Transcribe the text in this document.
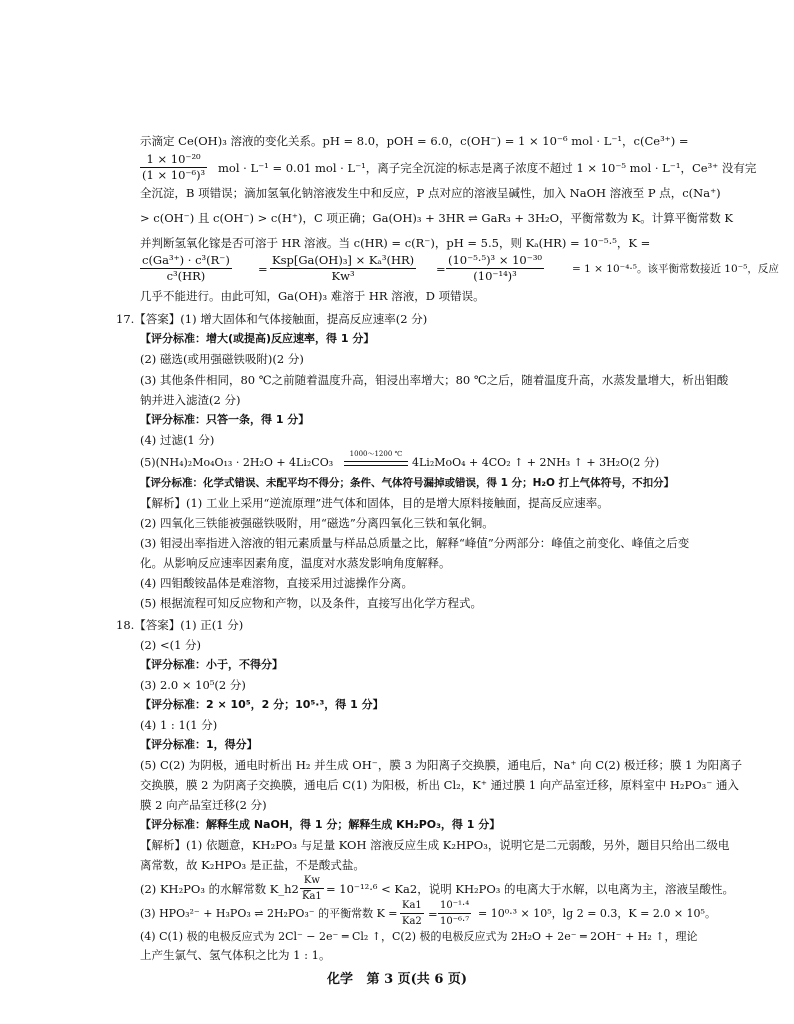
示滴定 Ce(OH)₃ 溶液的变化关系。pH = 8.0，pOH = 6.0，c(OH⁻) = 1 × 10⁻⁶ mol · L⁻¹，c(Ce³⁺) =
$\frac{\text{1 × 10⁻²⁰}}{\text{(1 × 10⁻⁶)³}}$ mol · L⁻¹ = 0.01 mol · L⁻¹，离子完全沉淀的标志是离子浓度不超过 1 × 10⁻⁵ mol · L⁻¹，Ce³⁺ 没有完
全沉淀，B 项错误；滴加氢氧化钠溶液发生中和反应，P 点对应的溶液呈碱性，加入 NaOH 溶液至 P 点，c(Na⁺)
> c(OH⁻) 且 c(OH⁻) > c(H⁺)，C 项正确；Ga(OH)₃ + 3HR ⇌ GaR₃ + 3H₂O，平衡常数为 K。计算平衡常数 K
并判断氢氧化镓是否可溶于 HR 溶液。当 c(HR) = c(R⁻)，pH = 5.5，则 Kₐ(HR) = 10⁻⁵·⁵，K =
$\frac{\text{c(Ga³⁺) · c³(R⁻)}}{\text{c³(HR)}}$ =
Ksp[Ga(OH)₃] × Kₐ³(HR)
Kw³	= $\frac{\text{(10⁻⁵·⁵)³ × 10⁻³⁰}}{\text{(10⁻¹⁴)³}}$	= 1 × 10⁻⁴·⁵。该平衡常数接近 10⁻⁵，反应
几乎不能进行。由此可知，Ga(OH)₃ 难溶于 HR 溶液，D 项错误。
17.【答案】(1) 增大固体和气体接触面，提高反应速率(2 分)
【评分标准：增大(或提高)反应速率，得 1 分】
(2) 磁选(或用强磁铁吸附)(2 分)
(3) 其他条件相同，80 ℃之前随着温度升高，钼浸出率增大；80 ℃之后，随着温度升高，水蒸发量增大，析出钼酸
钠并进入滤渣(2 分)
【评分标准：只答一条，得 1 分】
(4) 过滤(1 分)
(5)(NH₄)₂Mo₄O₁₃ · 2H₂O + 4Li₂CO₃
1000～1200 ℃
4Li₂MoO₄ + 4CO₂ ↑ + 2NH₃ ↑ + 3H₂O(2 分)
【评分标准：化学式错误、未配平均不得分；条件、气体符号漏掉或错误，得 1 分；H₂O 打上气体符号，不扣分】
【解析】(1) 工业上采用“逆流原理”进气体和固体，目的是增大原料接触面，提高反应速率。
(2) 四氧化三铁能被强磁铁吸附，用“磁选”分离四氧化三铁和氧化铜。
(3) 钼浸出率指进入溶液的钼元素质量与样品总质量之比，解释“峰值”分两部分：峰值之前变化、峰值之后变
化。从影响反应速率因素角度，温度对水蒸发影响角度解释。
(4) 四钼酸铵晶体是难溶物，直接采用过滤操作分离。
(5) 根据流程可知反应物和产物，以及条件，直接写出化学方程式。
18.【答案】(1) 正(1 分)
(2) <(1 分)
【评分标准：小于，不得分】
(3) 2.0 × 10⁵(2 分)
【评分标准：2 × 10⁵，2 分；10⁵·³，得 1 分】
(4) 1 : 1(1 分)
【评分标准：1，得分】
(5) C(2) 为阴极，通电时析出 H₂ 并生成 OH⁻，膜 3 为阳离子交换膜，通电后，Na⁺ 向 C(2) 极迁移；膜 1 为阳离子
交换膜，膜 2 为阴离子交换膜，通电后 C(1) 为阳极，析出 Cl₂，K⁺ 通过膜 1 向产品室迁移，原料室中 H₂PO₃⁻ 通入
膜 2 向产品室迁移(2 分)
【评分标准：解释生成 NaOH，得 1 分；解释生成 KH₂PO₃，得 1 分】
【解析】(1) 依题意，KH₂PO₃ 与足量 KOH 溶液反应生成 K₂HPO₃，说明它是二元弱酸，另外，题目只给出二级电
离常数，故 K₂HPO₃ 是正盐，不是酸式盐。
(2) KH₂PO₃ 的水解常数 K_h2 =
$\frac{Kw}{Ka1} = 10^{-12}\cdot^6 < Ka2$，说明 KH₂PO₃ 的电离大于水解，以电离为主，溶液呈酸性。
(3) HPO₃²⁻ + H₃PO₃ ⇌ 2H₂PO₃⁻ 的平衡常数 $K = \frac{Ka1}{Ka2} = \frac{\text{10⁻¹·⁴}}{\text{10⁻⁶·⁷}} = 10^0\cdot^3 \times 10^5$，lg 2 = 0.3，K = 2.0 × 10⁵。
(4) C(1) 极的电极反应式为 2Cl⁻ − 2e⁻ ═ Cl₂ ↑，C(2) 极的电极反应式为 2H₂O + 2e⁻ ═ 2OH⁻ + H₂ ↑，理论
上产生氯气、氢气体积之比为 1 : 1。
化学 第 3 页(共 6 页)
